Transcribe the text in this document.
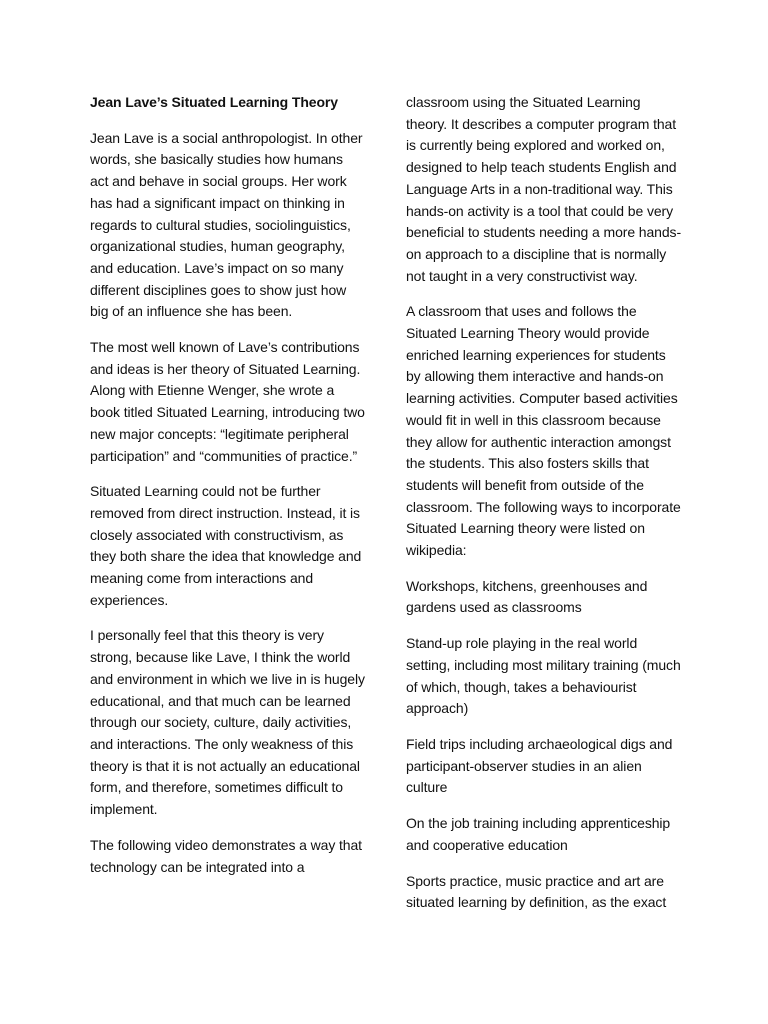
Jean Lave’s Situated Learning Theory

Jean Lave is a social anthropologist. In other words, she basically studies how humans act and behave in social groups. Her work has had a significant impact on thinking in regards to cultural studies, sociolinguistics, organizational studies, human geography, and education. Lave’s impact on so many different disciplines goes to show just how big of an influence she has been.

The most well known of Lave’s contributions and ideas is her theory of Situated Learning. Along with Etienne Wenger, she wrote a book titled Situated Learning, introducing two new major concepts: “legitimate peripheral participation” and “communities of practice.”

Situated Learning could not be further removed from direct instruction. Instead, it is closely associated with constructivism, as they both share the idea that knowledge and meaning come from interactions and experiences.

I personally feel that this theory is very strong, because like Lave, I think the world and environment in which we live in is hugely educational, and that much can be learned through our society, culture, daily activities, and interactions. The only weakness of this theory is that it is not actually an educational form, and therefore, sometimes difficult to implement.

The following video demonstrates a way that technology can be integrated into a

classroom using the Situated Learning theory. It describes a computer program that is currently being explored and worked on, designed to help teach students English and Language Arts in a non-traditional way. This hands-on activity is a tool that could be very beneficial to students needing a more hands-on approach to a discipline that is normally not taught in a very constructivist way.

A classroom that uses and follows the Situated Learning Theory would provide enriched learning experiences for students by allowing them interactive and hands-on learning activities. Computer based activities would fit in well in this classroom because they allow for authentic interaction amongst the students. This also fosters skills that students will benefit from outside of the classroom. The following ways to incorporate Situated Learning theory were listed on wikipedia:

Workshops, kitchens, greenhouses and gardens used as classrooms

Stand-up role playing in the real world setting, including most military training (much of which, though, takes a behaviourist approach)

Field trips including archaeological digs and participant-observer studies in an alien culture

On the job training including apprenticeship and cooperative education

Sports practice, music practice and art are situated learning by definition, as the exact
